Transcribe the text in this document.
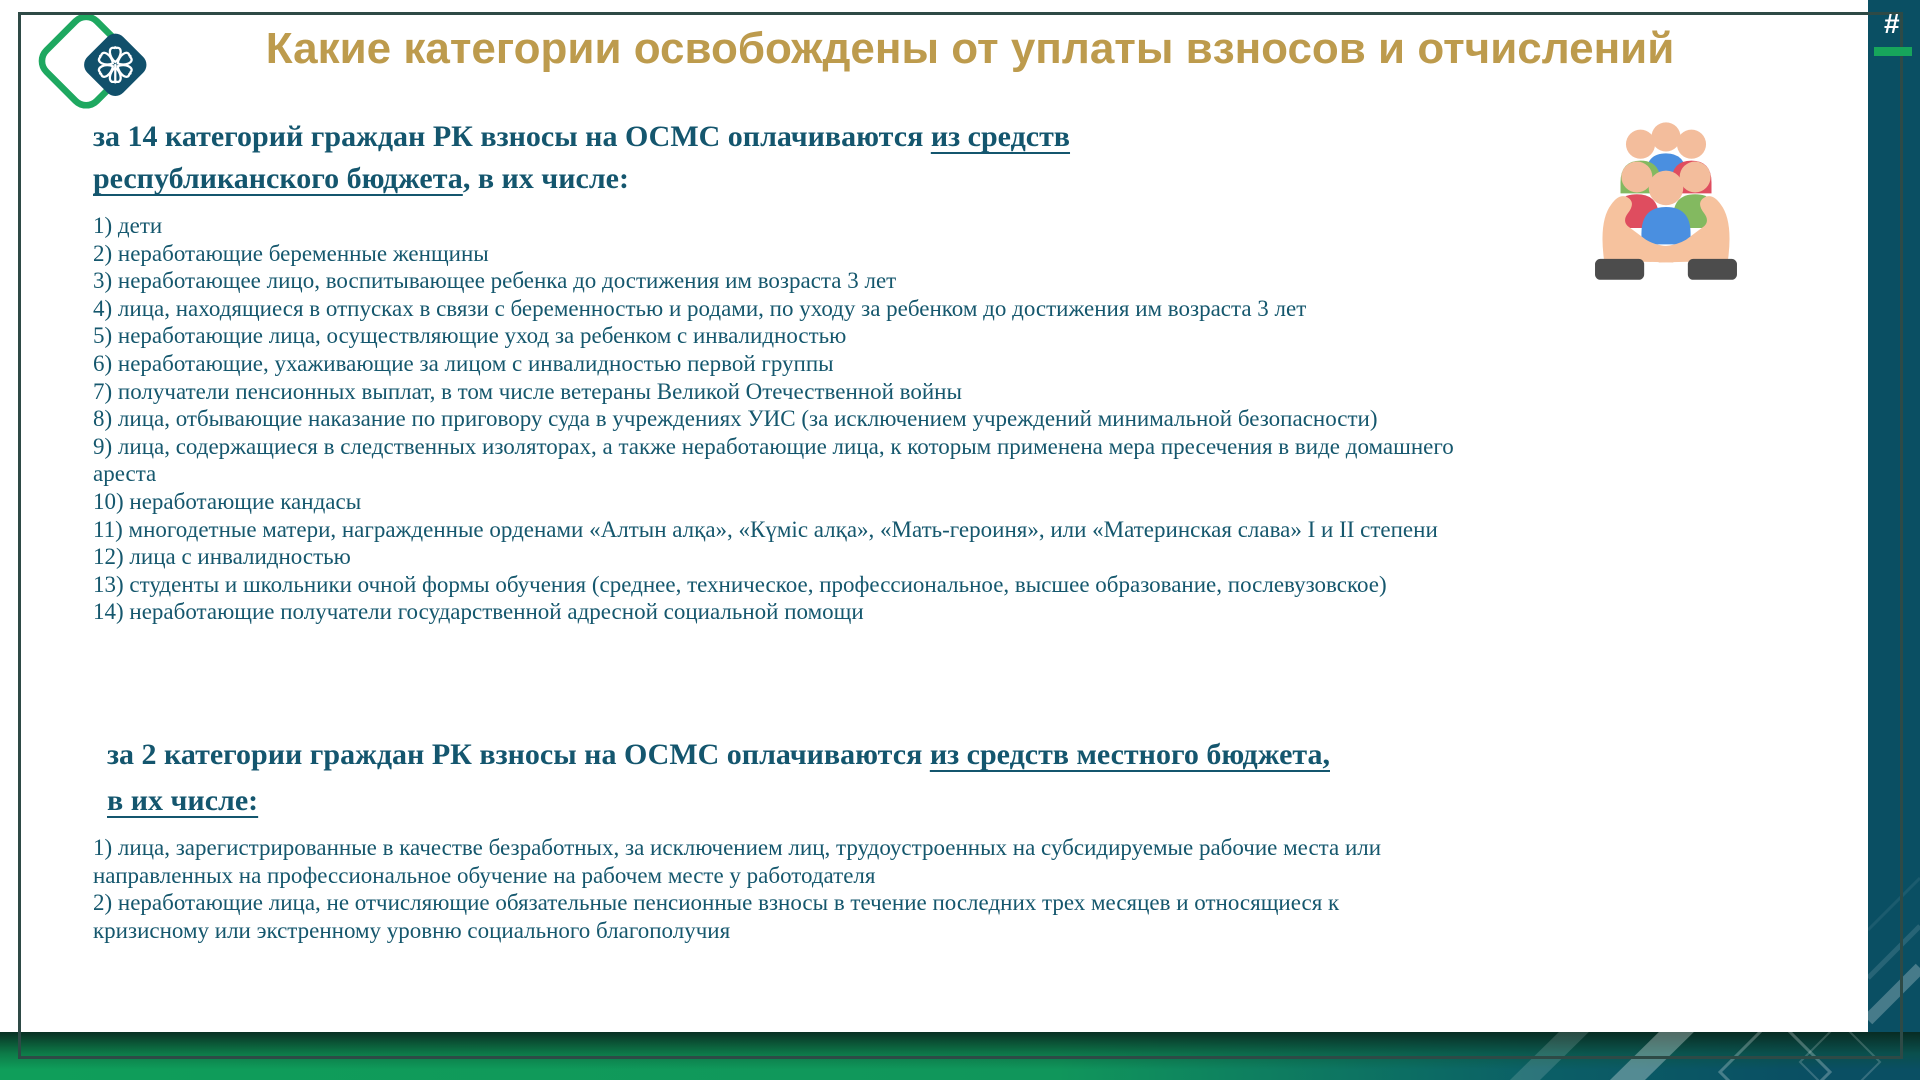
#
Какие категории освобождены от уплаты взносов и отчислений
за 14 категорий граждан РК взносы на ОСМС оплачиваются из средств
республиканского бюджета, в их числе:
1) дети
2) неработающие беременные женщины
3) неработающее лицо, воспитывающее ребенка до достижения им возраста 3 лет
4) лица, находящиеся в отпусках в связи с беременностью и родами, по уходу за ребенком до достижения им возраста 3 лет
5) неработающие лица, осуществляющие уход за ребенком с инвалидностью
6) неработающие, ухаживающие за лицом с инвалидностью первой группы
7) получатели пенсионных выплат, в том числе ветераны Великой Отечественной войны
8) лица, отбывающие наказание по приговору суда в учреждениях УИС (за исключением учреждений минимальной безопасности)
9) лица, содержащиеся в следственных изоляторах, а также неработающие лица, к которым применена мера пресечения в виде домашнего
ареста
10) неработающие кандасы
11) многодетные матери, награжденные орденами «Алтын алқа», «Күміс алқа», «Мать-героиня», или «Материнская слава» I и II степени
12) лица с инвалидностью
13) студенты и школьники очной формы обучения (среднее, техническое, профессиональное, высшее образование, послевузовское)
14) неработающие получатели государственной адресной социальной помощи
за 2 категории граждан РК взносы на ОСМС оплачиваются из средств местного бюджета,
в их числе:
1) лица, зарегистрированные в качестве безработных, за исключением лиц, трудоустроенных на субсидируемые рабочие места или
направленных на профессиональное обучение на рабочем месте у работодателя
2) неработающие лица, не отчисляющие обязательные пенсионные взносы в течение последних трех месяцев и относящиеся к
кризисному или экстренному уровню социального благополучия
